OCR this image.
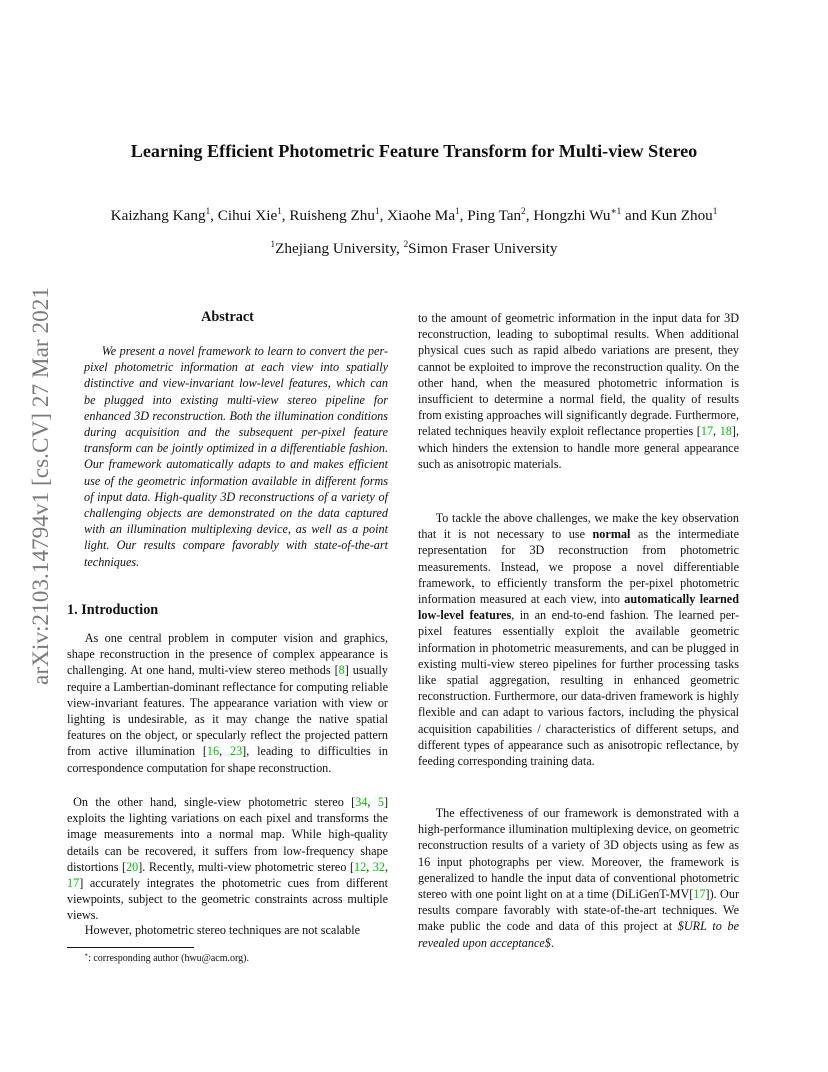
arXiv:2103.14794v1 [cs.CV] 27 Mar 2021
Learning Efficient Photometric Feature Transform for Multi-view Stereo
Kaizhang Kang$^1$, Cihui Xie$^1$, Ruisheng Zhu$^1$, Xiaohe Ma$^1$, Ping Tan$^2$, Hongzhi $Wu^{∗1}$ and Kun Zhou$^1$
$^1$Zhejiang University, $^2$Simon Fraser University
Abstract
We present a novel framework to learn to convert the per-pixel photometric information at each view into spatially distinctive and view-invariant low-level features, which can be plugged into existing multi-view stereo pipeline for enhanced 3D reconstruction. Both the illumination conditions during acquisition and the subsequent per-pixel feature transform can be jointly optimized in a differentiable fashion. Our framework automatically adapts to and makes efficient use of the geometric information available in different forms of input data. High-quality 3D reconstructions of a variety of challenging objects are demonstrated on the data captured with an illumination multiplexing device, as well as a point light. Our results compare favorably with state-of-the-art techniques.
1. Introduction

As one central problem in computer vision and graphics, shape reconstruction in the presence of complex appearance is challenging. At one hand, multi-view stereo methods [8] usually require a Lambertian-dominant reflectance for computing reliable view-invariant features. The appearance variation with view or lighting is undesirable, as it may change the native spatial features on the object, or specularly reflect the projected pattern from active illumination [16, 23], leading to difficulties in correspondence computation for shape reconstruction.

On the other hand, single-view photometric stereo [34, 5] exploits the lighting variations on each pixel and transforms the image measurements into a normal map. While high-quality details can be recovered, it suffers from low-frequency shape distortions [20]. Recently, multi-view photometric stereo [12, 32, 17] accurately integrates the photometric cues from different viewpoints, subject to the geometric constraints across multiple views.

However, photometric stereo techniques are not scalable

to the amount of geometric information in the input data for 3D reconstruction, leading to suboptimal results. When additional physical cues such as rapid albedo variations are present, they cannot be exploited to improve the reconstruction quality. On the other hand, when the measured photometric information is insufficient to determine a normal field, the quality of results from existing approaches will significantly degrade. Furthermore, related techniques heavily exploit reflectance properties [17, 18], which hinders the extension to handle more general appearance such as anisotropic materials.

To tackle the above challenges, we make the key observation that it is not necessary to use normal as the intermediate representation for 3D reconstruction from photometric measurements. Instead, we propose a novel differentiable framework, to efficiently transform the per-pixel photometric information measured at each view, into automatically learned low-level features, in an end-to-end fashion. The learned per-pixel features essentially exploit the available geometric information in photometric measurements, and can be plugged in existing multi-view stereo pipelines for further processing tasks like spatial aggregation, resulting in enhanced geometric reconstruction. Furthermore, our data-driven framework is highly flexible and can adapt to various factors, including the physical acquisition capabilities / characteristics of different setups, and different types of appearance such as anisotropic reflectance, by feeding corresponding training data.

The effectiveness of our framework is demonstrated with a high-performance illumination multiplexing device, on geometric reconstruction results of a variety of 3D objects using as few as 16 input photographs per view. Moreover, the framework is generalized to handle the input data of conventional photometric stereo with one point light on at a time (DiLiGenT-MV[17]). Our results compare favorably with state-of-the-art techniques. We make public the code and data of this project at $URL to be revealed upon acceptance$.

∗: corresponding author (hwu@acm.org).
